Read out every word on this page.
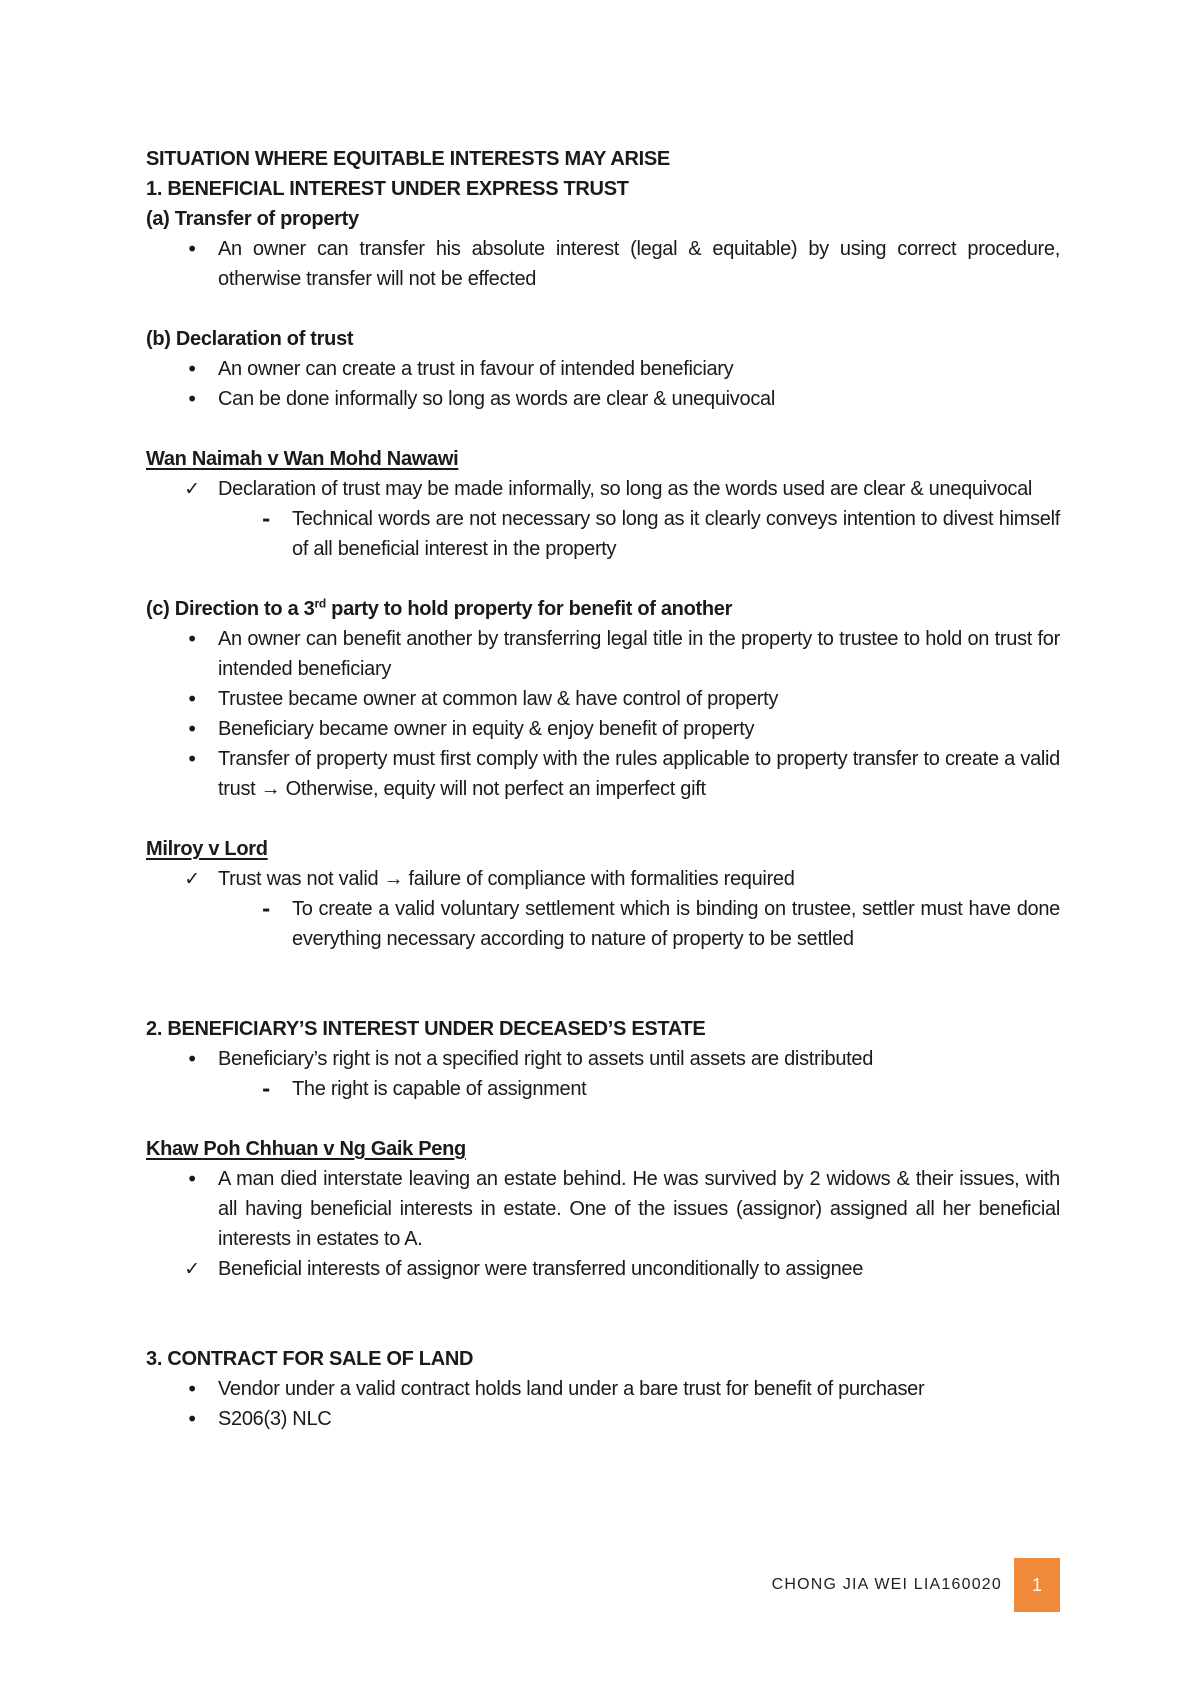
SITUATION WHERE EQUITABLE INTERESTS MAY ARISE

1. BENEFICIAL INTEREST UNDER EXPRESS TRUST

(a) Transfer of property

• An owner can transfer his absolute interest (legal & equitable) by using correct procedure, otherwise transfer will not be effected

(b) Declaration of trust

• An owner can create a trust in favour of intended beneficiary
• Can be done informally so long as words are clear & unequivocal

Wan Naimah v Wan Mohd Nawawi

✓ Declaration of trust may be made informally, so long as the words used are clear & unequivocal
-	Technical words are not necessary so long as it clearly conveys intention to divest himself of all beneficial interest in the property

(c) Direction to a 3rd party to hold property for benefit of another

• An owner can benefit another by transferring legal title in the property to trustee to hold on trust for intended beneficiary
• Trustee became owner at common law & have control of property
• Beneficiary became owner in equity & enjoy benefit of property
• Transfer of property must first comply with the rules applicable to property transfer to create a valid trust → Otherwise, equity will not perfect an imperfect gift

Milroy v Lord

✓ Trust was not valid → failure of compliance with formalities required
-	To create a valid voluntary settlement which is binding on trustee, settler must have done everything necessary according to nature of property to be settled

2. BENEFICIARY’S INTEREST UNDER DECEASED’S ESTATE

• Beneficiary’s right is not a specified right to assets until assets are distributed
-	The right is capable of assignment

Khaw Poh Chhuan v Ng Gaik Peng

• A man died interstate leaving an estate behind. He was survived by 2 widows & their issues, with all having beneficial interests in estate. One of the issues (assignor) assigned all her beneficial interests in estates to A.
✓ Beneficial interests of assignor were transferred unconditionally to assignee

3. CONTRACT FOR SALE OF LAND

• Vendor under a valid contract holds land under a bare trust for benefit of purchaser
• S206(3) NLC
CHONG JIA WEI LIA160020 1
